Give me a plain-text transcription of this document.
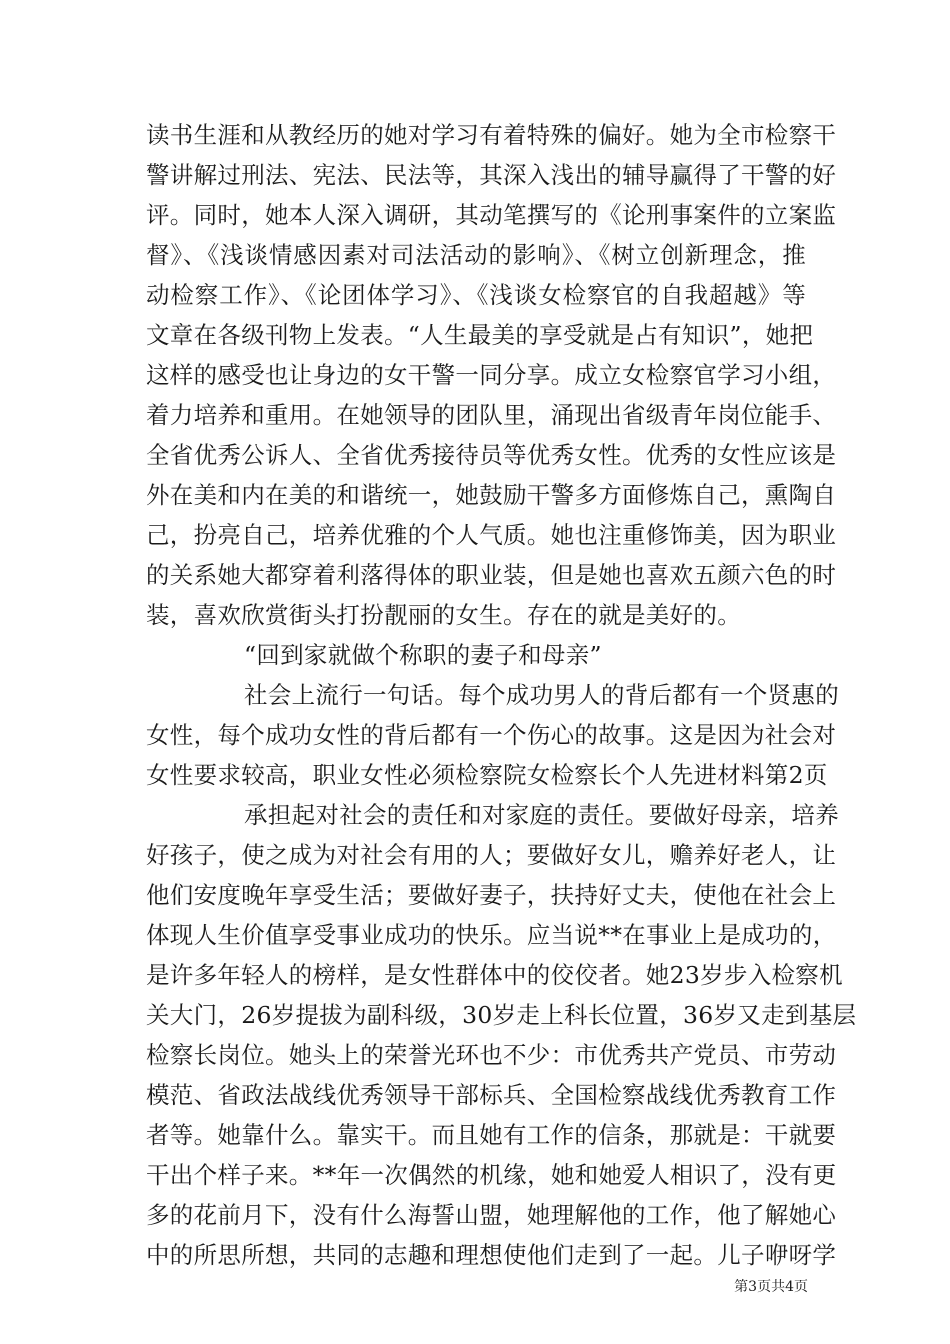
读书生涯和从教经历的她对学习有着特殊的偏好。她为全市检察干
警讲解过刑法、宪法、民法等，其深入浅出的辅导赢得了干警的好
评。同时，她本人深入调研，其动笔撰写的《论刑事案件的立案监
督》、《浅谈情感因素对司法活动的影响》、《树立创新理念，推
动检察工作》、《论团体学习》、《浅谈女检察官的自我超越》等
文章在各级刊物上发表。“人生最美的享受就是占有知识”，她把
这样的感受也让身边的女干警一同分享。成立女检察官学习小组，
着力培养和重用。在她领导的团队里，涌现出省级青年岗位能手、
全省优秀公诉人、全省优秀接待员等优秀女性。优秀的女性应该是
外在美和内在美的和谐统一，她鼓励干警多方面修炼自己，熏陶自
己，扮亮自己，培养优雅的个人气质。她也注重修饰美，因为职业
的关系她大都穿着利落得体的职业装，但是她也喜欢五颜六色的时
装，喜欢欣赏街头打扮靓丽的女生。存在的就是美好的。
“回到家就做个称职的妻子和母亲”
社会上流行一句话。每个成功男人的背后都有一个贤惠的
女性，每个成功女性的背后都有一个伤心的故事。这是因为社会对
女性要求较高，职业女性必须检察院女检察长个人先进材料第2页
承担起对社会的责任和对家庭的责任。要做好母亲，培养
好孩子，使之成为对社会有用的人；要做好女儿，赡养好老人，让
他们安度晚年享受生活；要做好妻子，扶持好丈夫，使他在社会上
体现人生价值享受事业成功的快乐。应当说**在事业上是成功的，
是许多年轻人的榜样，是女性群体中的佼佼者。她23岁步入检察机
关大门，26岁提拔为副科级，30岁走上科长位置，36岁又走到基层
检察长岗位。她头上的荣誉光环也不少：市优秀共产党员、市劳动
模范、省政法战线优秀领导干部标兵、全国检察战线优秀教育工作
者等。她靠什么。靠实干。而且她有工作的信条，那就是：干就要
干出个样子来。**年一次偶然的机缘，她和她爱人相识了，没有更
多的花前月下，没有什么海誓山盟，她理解他的工作，他了解她心
中的所思所想，共同的志趣和理想使他们走到了一起。儿子咿呀学
第3页共4页
